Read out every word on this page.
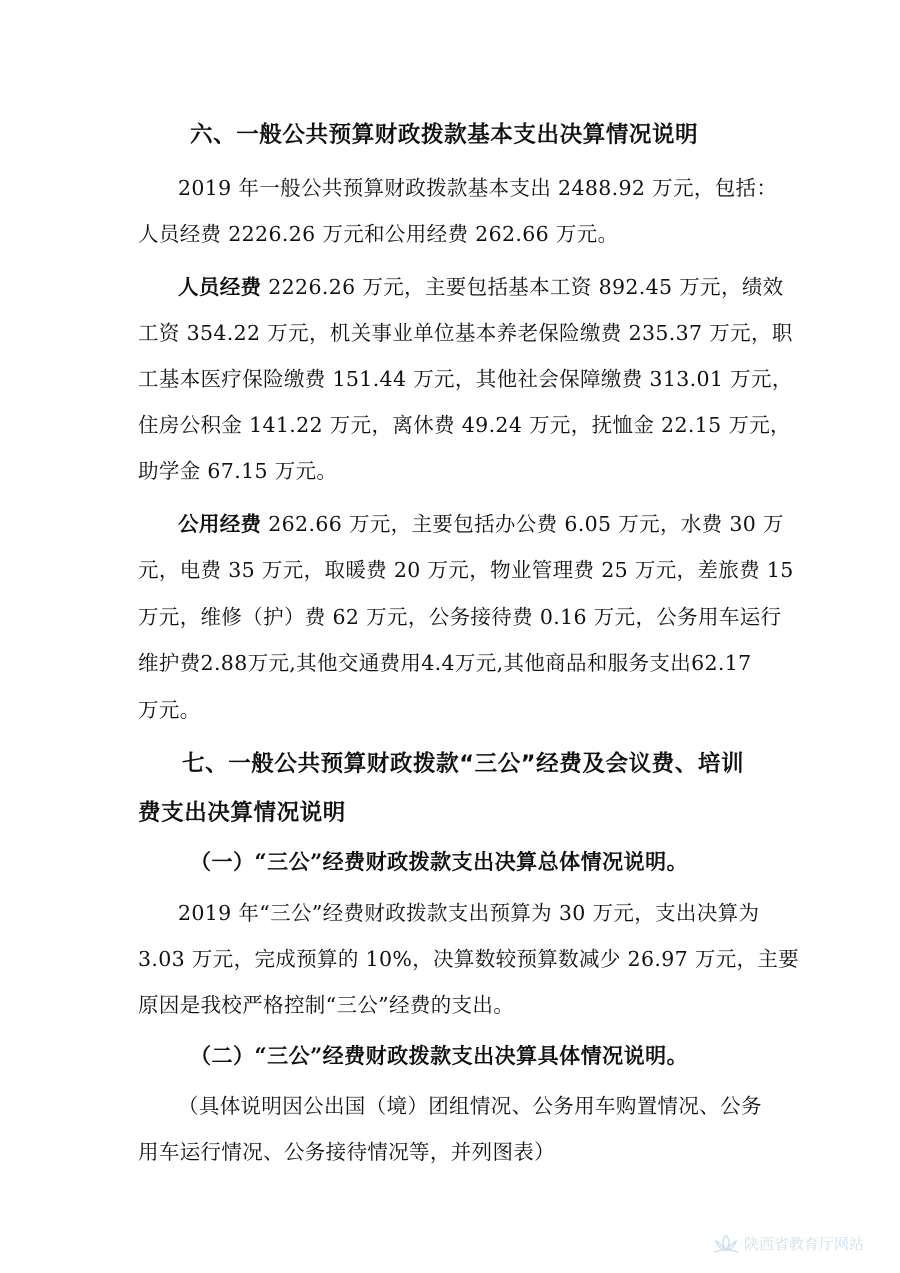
六、一般公共预算财政拨款基本支出决算情况说明
2019 年一般公共预算财政拨款基本支出 2488.92 万元，包括：
人员经费 2226.26 万元和公用经费 262.66 万元。
人员经费 2226.26 万元，主要包括基本工资 892.45 万元，绩效
工资 354.22 万元，机关事业单位基本养老保险缴费 235.37 万元，职
工基本医疗保险缴费 151.44 万元，其他社会保障缴费 313.01 万元，
住房公积金 141.22 万元，离休费 49.24 万元，抚恤金 22.15 万元，
助学金 67.15 万元。
公用经费 262.66 万元，主要包括办公费 6.05 万元，水费 30 万
元，电费 35 万元，取暖费 20 万元，物业管理费 25 万元，差旅费 15
万元，维修（护）费 62 万元，公务接待费 0.16 万元，公务用车运行
维护费2.88万元,其他交通费用4.4万元,其他商品和服务支出62.17
万元。
七、一般公共预算财政拨款“三公”经费及会议费、培训
费支出决算情况说明
（一）“三公”经费财政拨款支出决算总体情况说明。
2019 年“三公”经费财政拨款支出预算为 30 万元，支出决算为
3.03 万元，完成预算的 10%，决算数较预算数减少 26.97 万元，主要
原因是我校严格控制“三公”经费的支出。
（二）“三公”经费财政拨款支出决算具体情况说明。
（具体说明因公出国（境）团组情况、公务用车购置情况、公务
用车运行情况、公务接待情况等，并列图表）
陕西省教育厅网站
